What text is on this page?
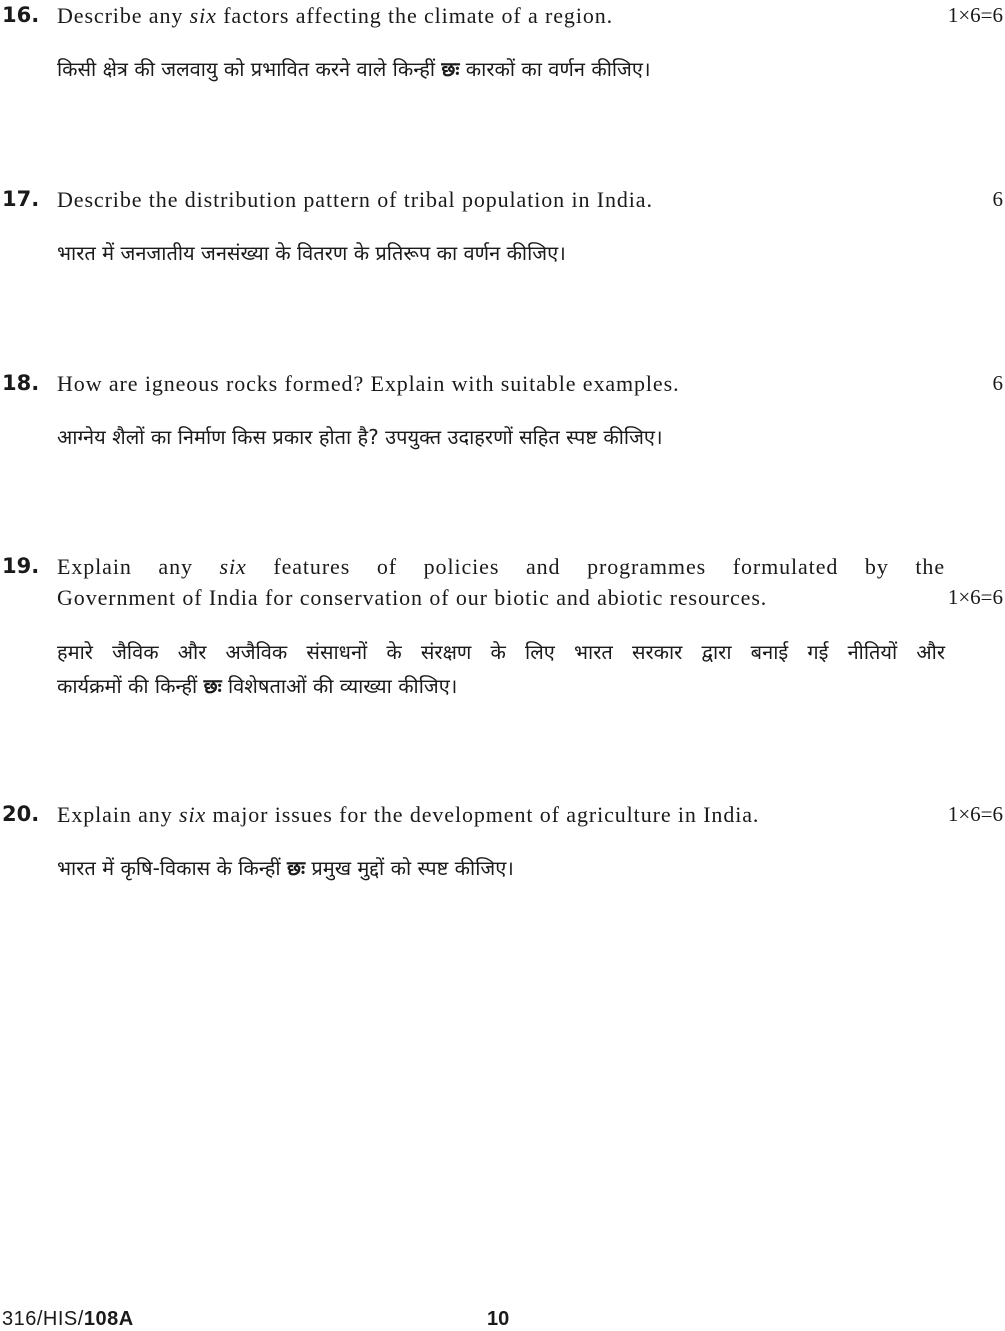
16. Describe any six factors affecting the climate of a region.	1×6=6
किसी क्षेत्र की जलवायु को प्रभावित करने वाले किन्हीं छः कारकों का वर्णन कीजिए।
17. Describe the distribution pattern of tribal population in India.	6
भारत में जनजातीय जनसंख्या के वितरण के प्रतिरूप का वर्णन कीजिए।
18. How are igneous rocks formed? Explain with suitable examples.	6
आग्नेय शैलों का निर्माण किस प्रकार होता है? उपयुक्त उदाहरणों सहित स्पष्ट कीजिए।
19. Explain any six features of policies and programmes formulated by the
Government of India for conservation of our biotic and abiotic resources.	1×6=6
हमारे जैविक और अजैविक संसाधनों के संरक्षण के लिए भारत सरकार द्वारा बनाई गई नीतियों और
कार्यक्रमों की किन्हीं छः विशेषताओं की व्याख्या कीजिए।
20. Explain any six major issues for the development of agriculture in India.	1×6=6
भारत में कृषि-विकास के किन्हीं छः प्रमुख मुद्दों को स्पष्ट कीजिए।
316/HIS/108A	10
